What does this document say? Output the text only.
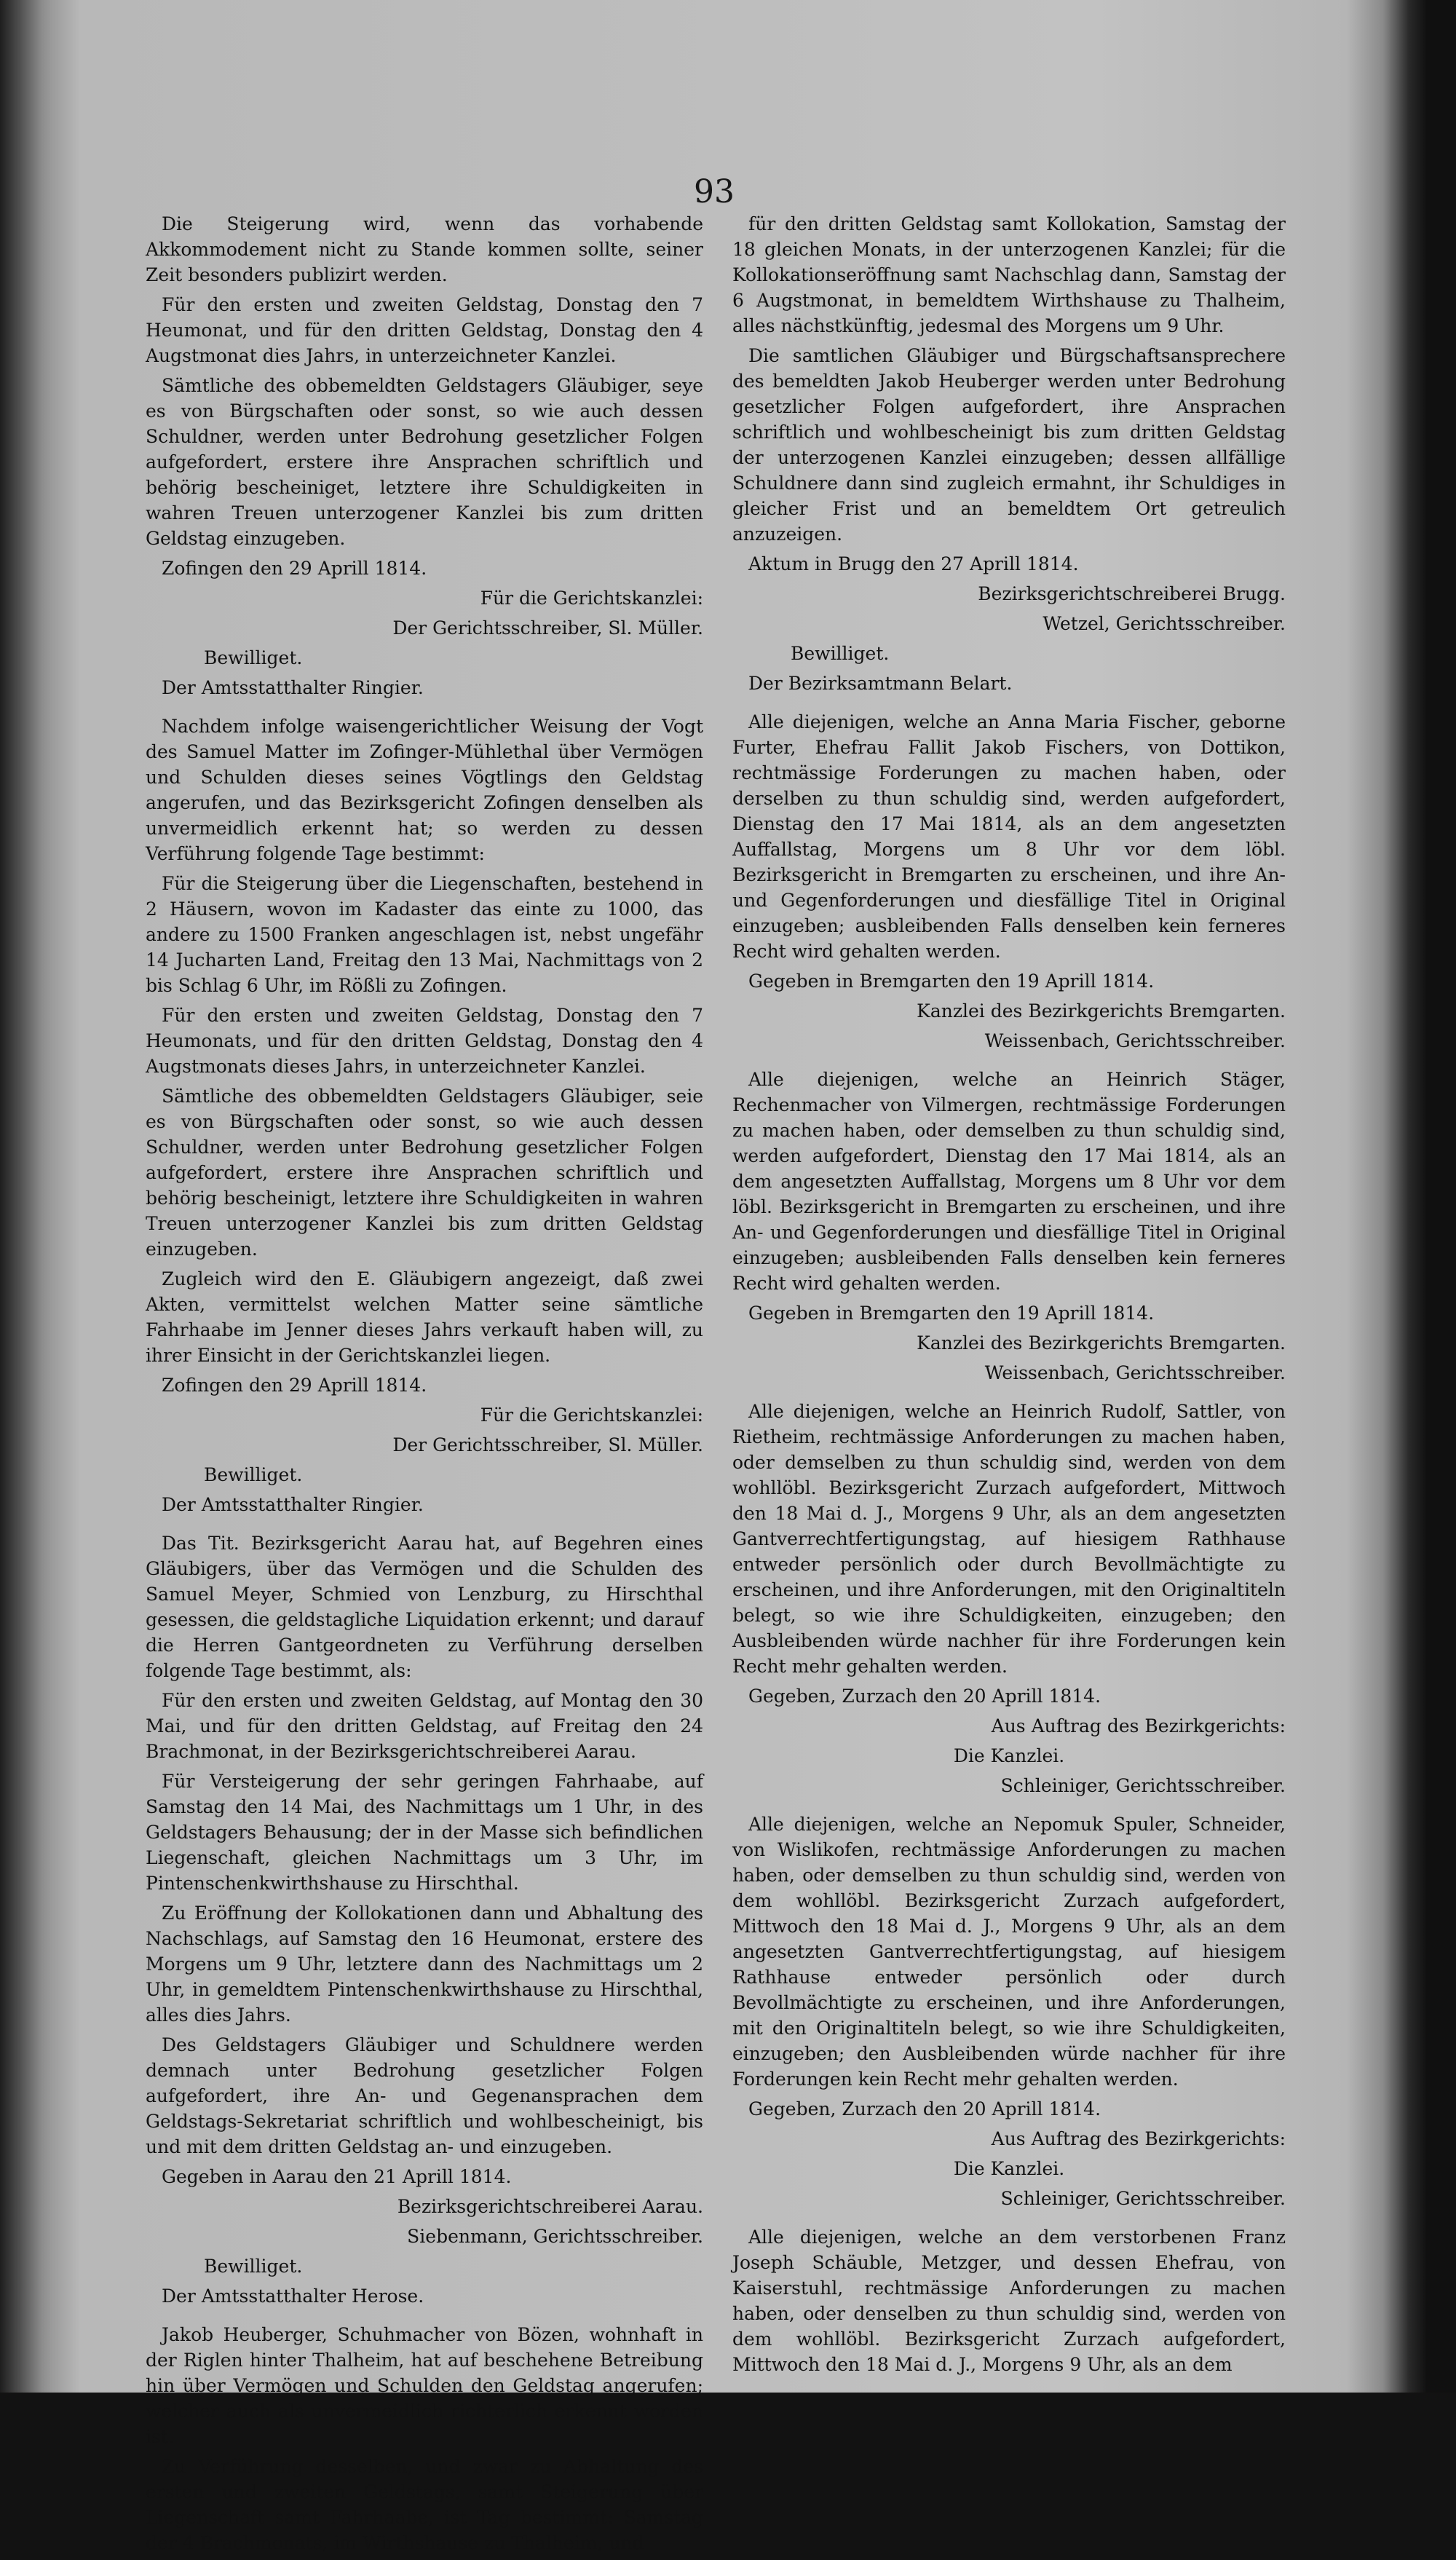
93

Die Steigerung wird, wenn das vorhabende Akkommodement nicht zu Stande kommen sollte, seiner Zeit besonders publizirt werden.

Für den ersten und zweiten Geldstag, Donstag den 7 Heumonat, und für den dritten Geldstag, Donstag den 4 Augstmonat dies Jahrs, in unterzeichneter Kanzlei.

Sämtliche des obbemeldten Geldstagers Gläubiger, seye es von Bürgschaften oder sonst, so wie auch dessen Schuldner, werden unter Bedrohung gesetzlicher Folgen aufgefordert, erstere ihre Ansprachen schriftlich und behörig bescheiniget, letztere ihre Schuldigkeiten in wahren Treuen unterzogener Kanzlei bis zum dritten Geldstag einzugeben.

Zofingen den 29 Aprill 1814.

Für die Gerichtskanzlei:

Der Gerichtsschreiber, Sl. Müller.

Bewilliget.

Der Amtsstatthalter Ringier.

Nachdem infolge waisengerichtlicher Weisung der Vogt des Samuel Matter im Zofinger-Mühlethal über Vermögen und Schulden dieses seines Vögtlings den Geldstag angerufen, und das Bezirksgericht Zofingen denselben als unvermeidlich erkennt hat; so werden zu dessen Verführung folgende Tage bestimmt:

Für die Steigerung über die Liegenschaften, bestehend in 2 Häusern, wovon im Kadaster das einte zu 1000, das andere zu 1500 Franken angeschlagen ist, nebst ungefähr 14 Jucharten Land, Freitag den 13 Mai, Nachmittags von 2 bis Schlag 6 Uhr, im Rößli zu Zofingen.

Für den ersten und zweiten Geldstag, Donstag den 7 Heumonats, und für den dritten Geldstag, Donstag den 4 Augstmonats dieses Jahrs, in unterzeichneter Kanzlei.

Sämtliche des obbemeldten Geldstagers Gläubiger, seie es von Bürgschaften oder sonst, so wie auch dessen Schuldner, werden unter Bedrohung gesetzlicher Folgen aufgefordert, erstere ihre Ansprachen schriftlich und behörig bescheinigt, letztere ihre Schuldigkeiten in wahren Treuen unterzogener Kanzlei bis zum dritten Geldstag einzugeben.

Zugleich wird den E. Gläubigern angezeigt, daß zwei Akten, vermittelst welchen Matter seine sämtliche Fahrhaabe im Jenner dieses Jahrs verkauft haben will, zu ihrer Einsicht in der Gerichtskanzlei liegen.

Zofingen den 29 Aprill 1814.

Für die Gerichtskanzlei:

Der Gerichtsschreiber, Sl. Müller.

Bewilliget.

Der Amtsstatthalter Ringier.

Das Tit. Bezirksgericht Aarau hat, auf Begehren eines Gläubigers, über das Vermögen und die Schulden des Samuel Meyer, Schmied von Lenzburg, zu Hirschthal gesessen, die geldstagliche Liquidation erkennt; und darauf die Herren Gantgeordneten zu Verführung derselben folgende Tage bestimmt, als:

Für den ersten und zweiten Geldstag, auf Montag den 30 Mai, und für den dritten Geldstag, auf Freitag den 24 Brachmonat, in der Bezirksgerichtschreiberei Aarau.

Für Versteigerung der sehr geringen Fahrhaabe, auf Samstag den 14 Mai, des Nachmittags um 1 Uhr, in des Geldstagers Behausung; der in der Masse sich befindlichen Liegenschaft, gleichen Nachmittags um 3 Uhr, im Pintenschenkwirthshause zu Hirschthal.

Zu Eröffnung der Kollokationen dann und Abhaltung des Nachschlags, auf Samstag den 16 Heumonat, erstere des Morgens um 9 Uhr, letztere dann des Nachmittags um 2 Uhr, in gemeldtem Pintenschenkwirthshause zu Hirschthal, alles dies Jahrs.

Des Geldstagers Gläubiger und Schuldnere werden demnach unter Bedrohung gesetzlicher Folgen aufgefordert, ihre An- und Gegenansprachen dem Geldstags-Sekretariat schriftlich und wohlbescheinigt, bis und mit dem dritten Geldstag an- und einzugeben.

Gegeben in Aarau den 21 Aprill 1814.

Bezirksgerichtschreiberei Aarau.

Siebenmann, Gerichtsschreiber.

Bewilliget.

Der Amtsstatthalter Herose.

Jakob Heuberger, Schuhmacher von Bözen, wohnhaft in der Riglen hinter Thalheim, hat auf beschehene Betreibung hin über Vermögen und Schulden den Geldstag angerufen; welcher auch als unvermeidlich richterlich erkennt worden ist.

Zu Verführung desselben, und zwar zu Abhaltung des ersten und zweiten Geldstags, samt Steigerung über Liegenschaft samt Fahrhaabe, ist Tag bestimmt: Samstag der 4 Brachmonats, im Wirthshause zu Thalheim, und

für den dritten Geldstag samt Kollokation, Samstag der 18 gleichen Monats, in der unterzogenen Kanzlei; für die Kollokationseröffnung samt Nachschlag dann, Samstag der 6 Augstmonat, in bemeldtem Wirthshause zu Thalheim, alles nächstkünftig, jedesmal des Morgens um 9 Uhr.

Die samtlichen Gläubiger und Bürgschaftsansprechere des bemeldten Jakob Heuberger werden unter Bedrohung gesetzlicher Folgen aufgefordert, ihre Ansprachen schriftlich und wohlbescheinigt bis zum dritten Geldstag der unterzogenen Kanzlei einzugeben; dessen allfällige Schuldnere dann sind zugleich ermahnt, ihr Schuldiges in gleicher Frist und an bemeldtem Ort getreulich anzuzeigen.

Aktum in Brugg den 27 Aprill 1814.

Bezirksgerichtschreiberei Brugg.

Wetzel, Gerichtsschreiber.

Bewilliget.

Der Bezirksamtmann Belart.

Alle diejenigen, welche an Anna Maria Fischer, geborne Furter, Ehefrau Fallit Jakob Fischers, von Dottikon, rechtmässige Forderungen zu machen haben, oder derselben zu thun schuldig sind, werden aufgefordert, Dienstag den 17 Mai 1814, als an dem angesetzten Auffallstag, Morgens um 8 Uhr vor dem löbl. Bezirksgericht in Bremgarten zu erscheinen, und ihre An- und Gegenforderungen und diesfällige Titel in Original einzugeben; ausbleibenden Falls denselben kein ferneres Recht wird gehalten werden.

Gegeben in Bremgarten den 19 Aprill 1814.

Kanzlei des Bezirkgerichts Bremgarten.

Weissenbach, Gerichtsschreiber.

Alle diejenigen, welche an Heinrich Stäger, Rechenmacher von Vilmergen, rechtmässige Forderungen zu machen haben, oder demselben zu thun schuldig sind, werden aufgefordert, Dienstag den 17 Mai 1814, als an dem angesetzten Auffallstag, Morgens um 8 Uhr vor dem löbl. Bezirksgericht in Bremgarten zu erscheinen, und ihre An- und Gegenforderungen und diesfällige Titel in Original einzugeben; ausbleibenden Falls denselben kein ferneres Recht wird gehalten werden.

Gegeben in Bremgarten den 19 Aprill 1814.

Kanzlei des Bezirkgerichts Bremgarten.

Weissenbach, Gerichtsschreiber.

Alle diejenigen, welche an Heinrich Rudolf, Sattler, von Rietheim, rechtmässige Anforderungen zu machen haben, oder demselben zu thun schuldig sind, werden von dem wohllöbl. Bezirksgericht Zurzach aufgefordert, Mittwoch den 18 Mai d. J., Morgens 9 Uhr, als an dem angesetzten Gantverrechtfertigungstag, auf hiesigem Rathhause entweder persönlich oder durch Bevollmächtigte zu erscheinen, und ihre Anforderungen, mit den Originaltiteln belegt, so wie ihre Schuldigkeiten, einzugeben; den Ausbleibenden würde nachher für ihre Forderungen kein Recht mehr gehalten werden.

Gegeben, Zurzach den 20 Aprill 1814.

Aus Auftrag des Bezirkgerichts:

Die Kanzlei.

Schleiniger, Gerichtsschreiber.

Alle diejenigen, welche an Nepomuk Spuler, Schneider, von Wislikofen, rechtmässige Anforderungen zu machen haben, oder demselben zu thun schuldig sind, werden von dem wohllöbl. Bezirksgericht Zurzach aufgefordert, Mittwoch den 18 Mai d. J., Morgens 9 Uhr, als an dem angesetzten Gantverrechtfertigungstag, auf hiesigem Rathhause entweder persönlich oder durch Bevollmächtigte zu erscheinen, und ihre Anforderungen, mit den Originaltiteln belegt, so wie ihre Schuldigkeiten, einzugeben; den Ausbleibenden würde nachher für ihre Forderungen kein Recht mehr gehalten werden.

Gegeben, Zurzach den 20 Aprill 1814.

Aus Auftrag des Bezirkgerichts:

Die Kanzlei.

Schleiniger, Gerichtsschreiber.

Alle diejenigen, welche an dem verstorbenen Franz Joseph Schäuble, Metzger, und dessen Ehefrau, von Kaiserstuhl, rechtmässige Anforderungen zu machen haben, oder denselben zu thun schuldig sind, werden von dem wohllöbl. Bezirksgericht Zurzach aufgefordert, Mittwoch den 18 Mai d. J., Morgens 9 Uhr, als an dem
